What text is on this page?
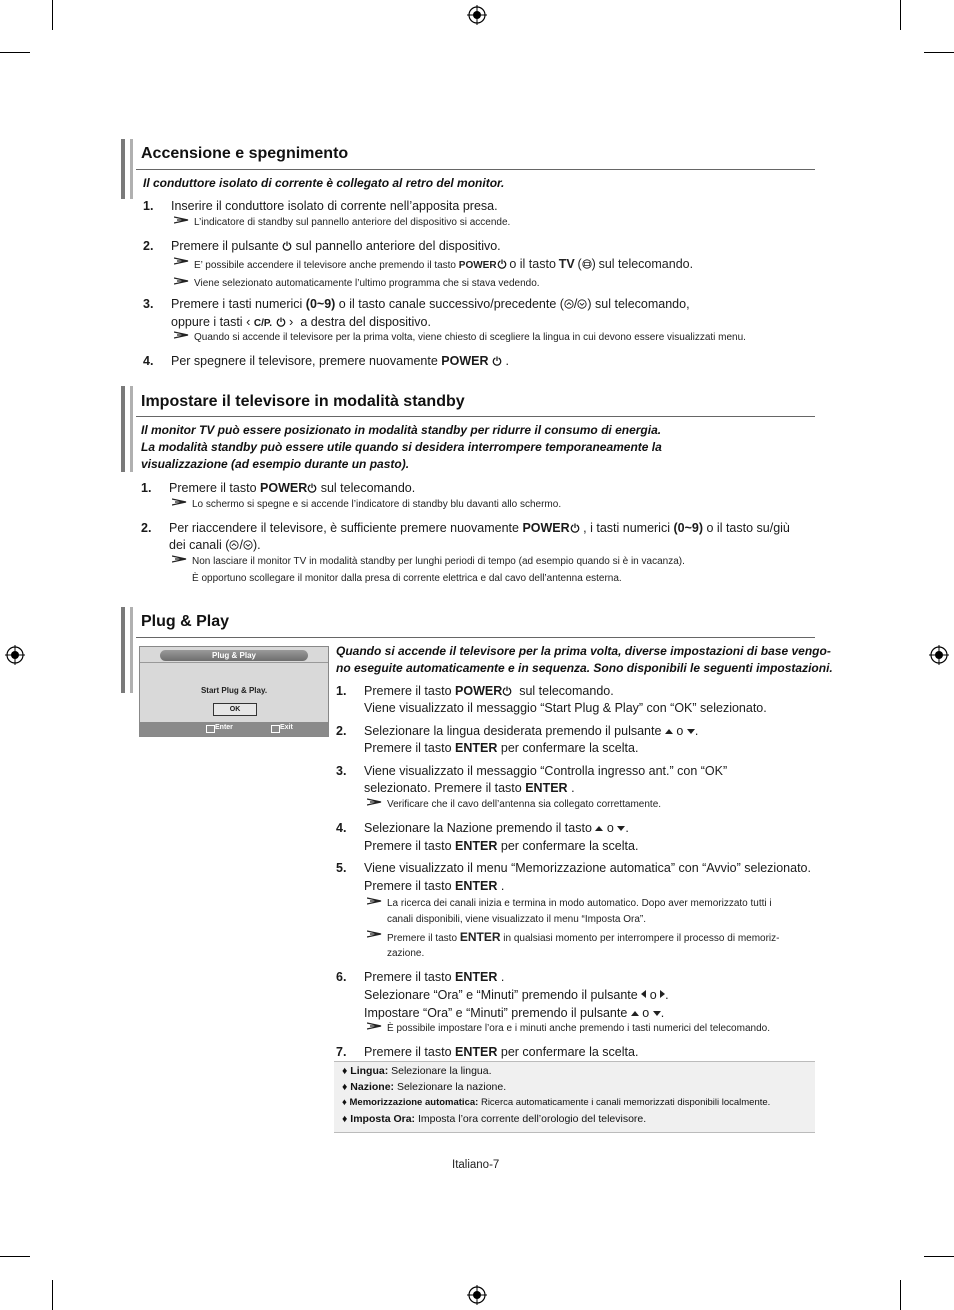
Accensione e spegnimento
Il conduttore isolato di corrente è collegato al retro del monitor.
1. Inserire il conduttore isolato di corrente nell’apposita presa.
L’indicatore di standby sul pannello anteriore del dispositivo si accende.
2. Premere il pulsante sul pannello anteriore del dispositivo.
E’ possibile accendere il televisore anche premendo il tasto POWER o il tasto TV ( ) sul telecomando.
Viene selezionato automaticamente l’ultimo programma che si stava vedendo.
3. Premere i tasti numerici (0~9) o il tasto canale successivo/precedente ( / ) sul telecomando,
oppure i tasti ‹ C/P. › a destra del dispositivo.
Quando si accende il televisore per la prima volta, viene chiesto di scegliere la lingua in cui devono essere visualizzati menu.
4. Per spegnere il televisore, premere nuovamente POWER .
Impostare il televisore in modalità standby
Il monitor TV può essere posizionato in modalità standby per ridurre il consumo di energia.
La modalità standby può essere utile quando si desidera interrompere temporaneamente la
visualizzazione (ad esempio durante un pasto).
1. Premere il tasto POWER sul telecomando.
Lo schermo si spegne e si accende l’indicatore di standby blu davanti allo schermo.
2. Per riaccendere il televisore, è sufficiente premere nuovamente POWER , i tasti numerici (0~9) o il tasto su/giù
dei canali ( / ).
Non lasciare il monitor TV in modalità standby per lunghi periodi di tempo (ad esempio quando si è in vacanza).
È opportuno scollegare il monitor dalla presa di corrente elettrica e dal cavo dell’antenna esterna.
Plug & Play
Plug & Play
Start Plug & Play.
OK
Enter	Exit
Quando si accende il televisore per la prima volta, diverse impostazioni di base vengo-
no eseguite automaticamente e in sequenza. Sono disponibili le seguenti impostazioni.
1. Premere il tasto POWER sul telecomando.
Viene visualizzato il messaggio “Start Plug & Play” con “OK” selezionato.
2. Selezionare la lingua desiderata premendo il pulsante o .
Premere il tasto ENTER per confermare la scelta.
3. Viene visualizzato il messaggio “Controlla ingresso ant.” con “OK”
selezionato. Premere il tasto ENTER .
Verificare che il cavo dell’antenna sia collegato correttamente.
4. Selezionare la Nazione premendo il tasto o .
Premere il tasto ENTER per confermare la scelta.
5. Viene visualizzato il menu “Memorizzazione automatica” con “Avvio” selezionato.
Premere il tasto ENTER .
La ricerca dei canali inizia e termina in modo automatico. Dopo aver memorizzato tutti i
canali disponibili, viene visualizzato il menu “Imposta Ora”.
Premere il tasto ENTER in qualsiasi momento per interrompere il processo di memoriz-
zazione.
6. Premere il tasto ENTER .
Selezionare “Ora” e “Minuti” premendo il pulsante o .
Impostare “Ora” e “Minuti” premendo il pulsante o .
È possibile impostare l’ora e i minuti anche premendo i tasti numerici del telecomando.
7. Premere il tasto ENTER per confermare la scelta.
♦ Lingua: Selezionare la lingua.
♦ Nazione: Selezionare la nazione.
♦ Memorizzazione automatica: Ricerca automaticamente i canali memorizzati disponibili localmente.
♦ Imposta Ora: Imposta l’ora corrente dell’orologio del televisore.
Italiano-7
